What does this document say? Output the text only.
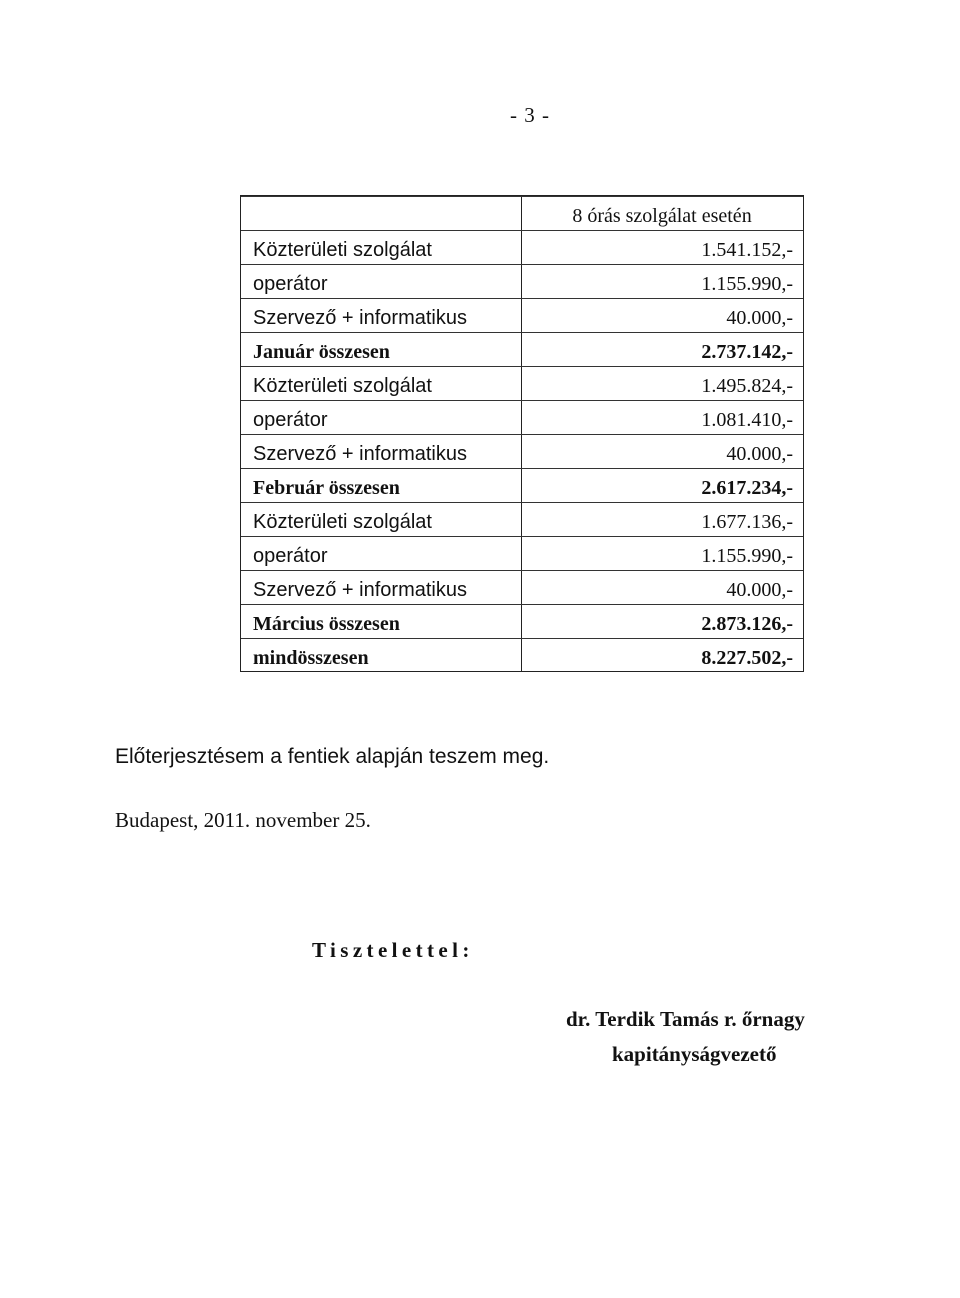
- 3 -
8 órás szolgálat esetén
Közterületi szolgálat	1.541.152,-
operátor	1.155.990,-
Szervező + informatikus	40.000,-
Január összesen	2.737.142,-
Közterületi szolgálat	1.495.824,-
operátor	1.081.410,-
Szervező + informatikus	40.000,-
Február összesen	2.617.234,-
Közterületi szolgálat	1.677.136,-
operátor	1.155.990,-
Szervező + informatikus	40.000,-
Március összesen	2.873.126,-
mindösszesen	8.227.502,-
Előterjesztésem a fentiek alapján teszem meg.
Budapest, 2011. november 25.
Tisztelettel:
dr. Terdik Tamás r. őrnagy
kapitányságvezető
